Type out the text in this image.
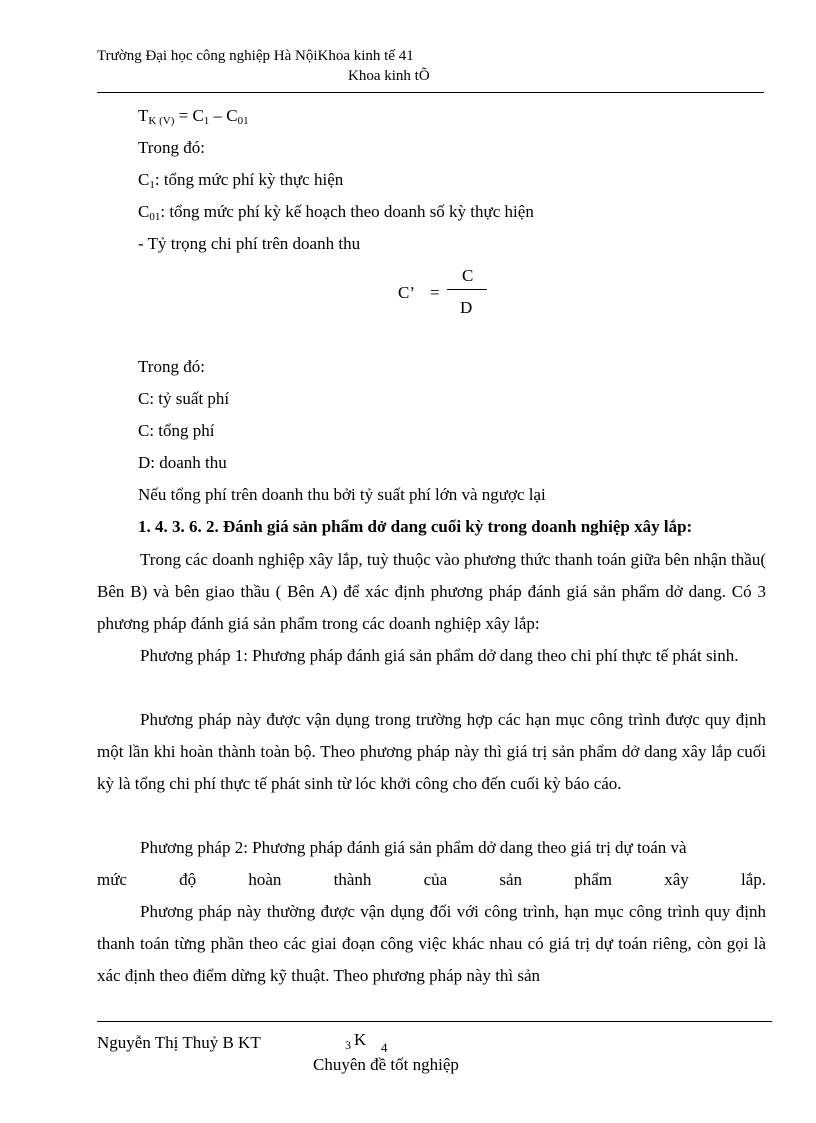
Trường Đại học công nghiệp Hà NộiKhoa kinh tế 41
Khoa kinh tÕ
$T_{K (V)} = C_1 - C_{01}$
Trong đó:
$C_1$: tổng mức phí kỳ thực hiện
$C_{01}$: tổng mức phí kỳ kế hoạch theo doanh số kỳ thực hiện
- Tỷ trọng chi phí trên doanh thu
C’ =
C
D
Trong đó:
C: tỷ suất phí
C: tổng phí
D: doanh thu
Nếu tổng phí trên doanh thu bởi tỷ suất phí lớn và ngược lại
1. 4. 3. 6. 2. Đánh giá sản phẩm dở dang cuối kỳ trong doanh nghiệp xây lắp:
Trong các doanh nghiệp xây lắp, tuỳ thuộc vào phương thức thanh toán giữa bên nhận thầu( Bên B) và bên giao thầu ( Bên A) để xác định phương pháp đánh giá sản phẩm dở dang. Có 3 phương pháp đánh giá sản phẩm trong các doanh nghiệp xây lắp:
Phương pháp 1: Phương pháp đánh giá sản phẩm dở dang theo chi phí thực tế phát sinh.
Phương pháp này được vận dụng trong trường hợp các hạn mục công trình được quy định một lần khi hoàn thành toàn bộ. Theo phương pháp này thì giá trị sản phẩm dở dang xây lắp cuối kỳ là tổng chi phí thực tế phát sinh từ lóc khởi công cho đến cuối kỳ báo cáo.
Phương pháp 2: Phương pháp đánh giá sản phẩm dở dang theo giá trị dự toán và
mức độ hoàn thành của sản phẩm xây lắp.
Phương pháp này thường được vận dụng đối với công trình, hạn mục công trình quy định thanh toán từng phần theo các giai đoạn công việc khác nhau có giá trị dự toán riêng, còn gọi là xác định theo điểm dừng kỹ thuật. Theo phương pháp này thì sản
Nguyễn Thị Thuỷ B KT	3 K 4
Chuyên đề tốt nghiệp
